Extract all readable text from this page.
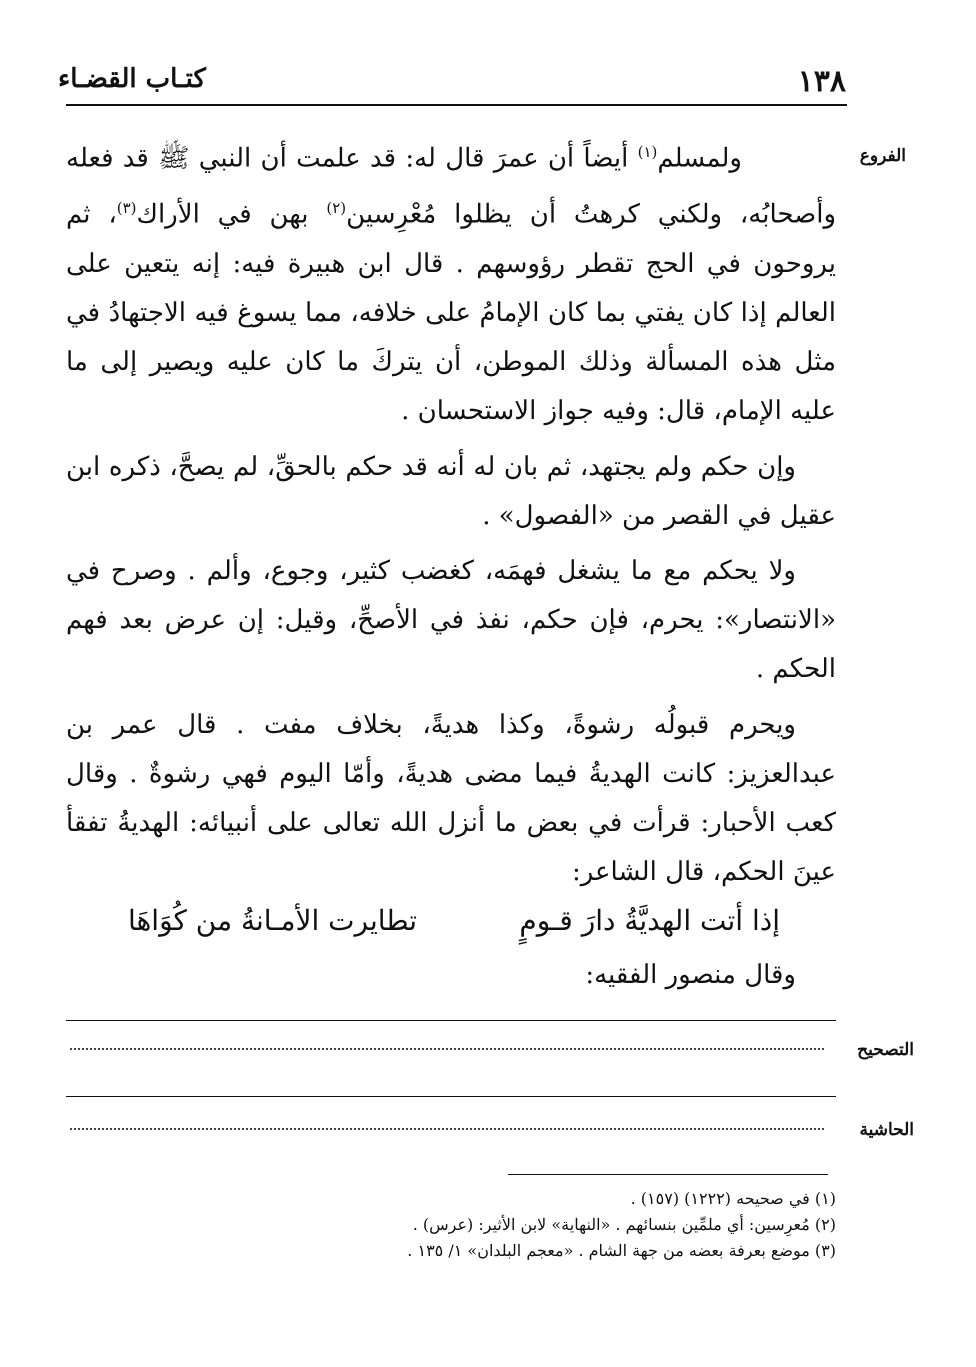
١٣٨
كتـاب القضـاء
الفروع

ولمسلم$^{(١)}$ أيضاً أن عمرَ قال له: قد علمت أن النبي ﷺ قد فعله وأصحابُه، ولكني كرهتُ أن يظلوا مُعْرِسين$^{(٢)}$ بهن في الأراك$^{(٣)}$، ثم يروحون في الحج تقطر رؤوسهم . قال ابن هبيرة فيه: إنه يتعين على العالم إذا كان يفتي بما كان الإمامُ على خلافه، مما يسوغ فيه الاجتهادُ في مثل هذه المسألة وذلك الموطن، أن يتركَ ما كان عليه ويصير إلى ما عليه الإمام، قال: وفيه جواز الاستحسان .

وإن حكم ولم يجتهد، ثم بان له أنه قد حكم بالحقِّ، لم يصحَّ، ذكره ابن عقيل في القصر من «الفصول» .

ولا يحكم مع ما يشغل فهمَه، كغضب كثير، وجوع، وألم . وصرح في «الانتصار»: يحرم، فإن حكم، نفذ في الأصحِّ، وقيل: إن عرض بعد فهم الحكم .

ويحرم قبولُه رشوةً، وكذا هديةً، بخلاف مفت . قال عمر بن عبدالعزيز: كانت الهديةُ فيما مضى هديةً، وأمّا اليوم فهي رشوةٌ . وقال كعب الأحبار: قرأت في بعض ما أنزل الله تعالى على أنبيائه: الهديةُ تفقأ عينَ الحكم، قال الشاعر:

إذا أتت الهديَّةُ دارَ قـومٍ
تطايرت الأمـانةُ من كُوَاهَا
وقال منصور الفقيه:
التصحيح
الحاشية
(١) في صحيحه (١٢٢٢) (١٥٧) .
(٢) مُعرِسين: أي ملمِّين بنسائهم . «النهاية» لابن الأثير: (عرس) .
(٣) موضع بعرفة بعضه من جهة الشام . «معجم البلدان» ١/ ١٣٥ .
